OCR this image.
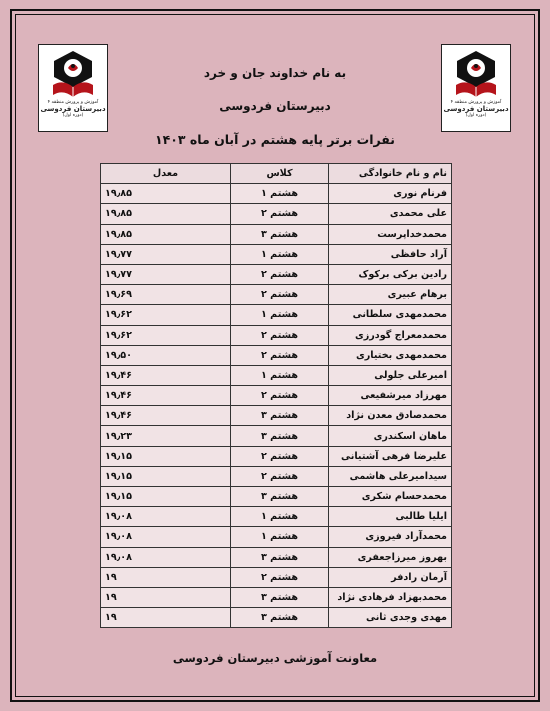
آموزش و پرورش منطقه ۴
دبیرستان فردوسی
(دوره اول)
آموزش و پرورش منطقه ۴
دبیرستان فردوسی
(دوره اول)
به نام خداوند جان و خرد
دبیرستان فردوسی
نفرات برتر پایه هشتم در آبان ماه ۱۴۰۳
نام و نام خانوادگی	کلاس	معدل
فرنام نوری	هشتم ۱	۱۹٫۸۵
علی محمدی	هشتم ۲	۱۹٫۸۵
محمدخداپرست	هشتم ۳	۱۹٫۸۵
آراد حافظی	هشتم ۱	۱۹٫۷۷
رادین برکی برکوک	هشتم ۲	۱۹٫۷۷
برهام عبیری	هشتم ۲	۱۹٫۶۹
محمدمهدی سلطانی	هشتم ۱	۱۹٫۶۲
محمدمعراج گودرزی	هشتم ۲	۱۹٫۶۲
محمدمهدی بختیاری	هشتم ۲	۱۹٫۵۰
امیرعلی جلولی	هشتم ۱	۱۹٫۴۶
مهرزاد میرشفیعی	هشتم ۲	۱۹٫۴۶
محمدصادق معدن نژاد	هشتم ۳	۱۹٫۴۶
ماهان اسکندری	هشتم ۳	۱۹٫۲۳
علیرضا فرهی آشتیانی	هشتم ۲	۱۹٫۱۵
سیدامیرعلی هاشمی	هشتم ۲	۱۹٫۱۵
محمدحسام شکری	هشتم ۳	۱۹٫۱۵
ایلیا طالبی	هشتم ۱	۱۹٫۰۸
محمدآراد فیروزی	هشتم ۱	۱۹٫۰۸
بهروز میرزاجعفری	هشتم ۳	۱۹٫۰۸
آرمان رادفر	هشتم ۲	۱۹
محمدبهزاد فرهادی نژاد	هشتم ۳	۱۹
مهدی وجدی ثانی	هشتم ۳	۱۹
معاونت آموزشی دبیرستان فردوسی
